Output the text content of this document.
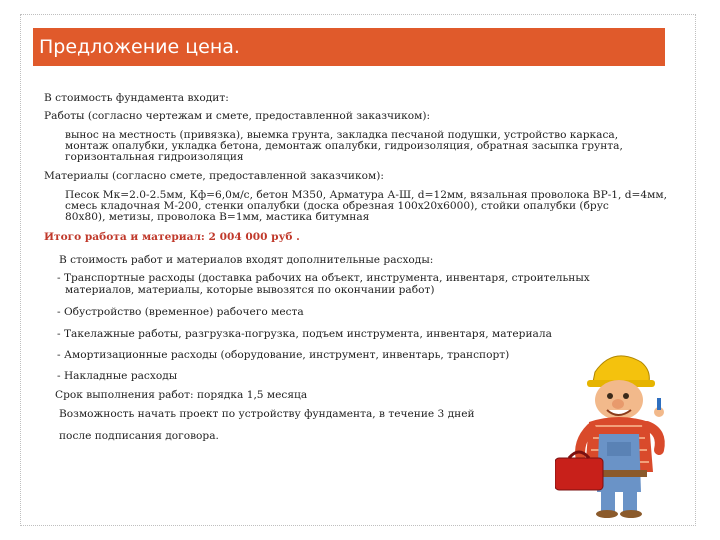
Предложение цена.
В стоимость фундамента входит:
Работы (согласно чертежам и смете, предоставленной заказчиком):
вынос на местность (привязка), выемка грунта, закладка песчаной подушки, устройство каркаса,
монтаж опалубки, укладка бетона, демонтаж опалубки, гидроизоляция, обратная засыпка грунта,
горизонтальная гидроизоляция
Материалы (согласно смете, предоставленной заказчиком):
Песок Мк=2.0-2.5мм, Кф=6,0м/с, бетон М350, Арматура А-Ш, d=12мм, вязальная проволока ВР-1, d=4мм,
смесь кладочная М-200, стенки опалубки (доска обрезная 100х20х6000), стойки опалубки (брус
80х80), метизы, проволока В=1мм, мастика битумная
Итого работа и материал: 2 004 000 руб .
В стоимость работ и материалов входят дополнительные расходы:
- Транспортные расходы (доставка рабочих на объект, инструмента, инвентаря, строительных
материалов, материалы, которые вывозятся по окончании работ)
- Обустройство (временное) рабочего места
- Такелажные работы, разгрузка-погрузка, подъем инструмента, инвентаря, материала
- Амортизационные расходы (оборудование, инструмент, инвентарь, транспорт)
- Накладные расходы
Срок выполнения работ: порядка 1,5 месяца
Возможность начать проект по устройству фундамента, в течение 3 дней
после подписания договора.
